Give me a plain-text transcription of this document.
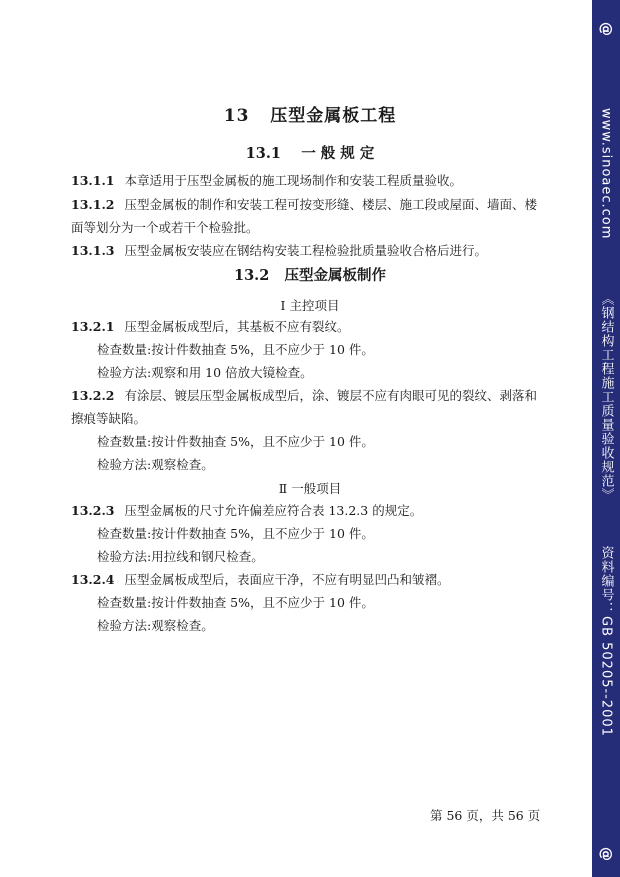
13 压型金属板工程
13.1 一 般 规 定
13.1.1 本章适用于压型金属板的施工现场制作和安装工程质量验收。
13.1.2 压型金属板的制作和安装工程可按变形缝、楼层、施工段或屋面、墙面、楼
面等划分为一个或若干个检验批。
13.1.3 压型金属板安装应在钢结构安装工程检验批质量验收合格后进行。
13.2 压型金属板制作
Ⅰ 主控项目
13.2.1 压型金属板成型后，其基板不应有裂纹。
检查数量:按计件数抽查 5%，且不应少于 10 件。
检验方法:观察和用 10 倍放大镜检查。
13.2.2 有涂层、镀层压型金属板成型后，涂、镀层不应有肉眼可见的裂纹、剥落和
擦痕等缺陷。
检查数量:按计件数抽查 5%，且不应少于 10 件。
检验方法:观察检查。
Ⅱ 一般项目
13.2.3 压型金属板的尺寸允许偏差应符合表 13.2.3 的规定。
检查数量:按计件数抽查 5%，且不应少于 10 件。
检验方法:用拉线和钢尺检查。
13.2.4 压型金属板成型后，表面应干净，不应有明显凹凸和皱褶。
检查数量:按计件数抽查 5%，且不应少于 10 件。
检验方法:观察检查。
第 56 页，共 56 页
@
www.sinoaec.com
《钢结构工程施工质量验收规范》
资料编号：GB 50205--2001
@
